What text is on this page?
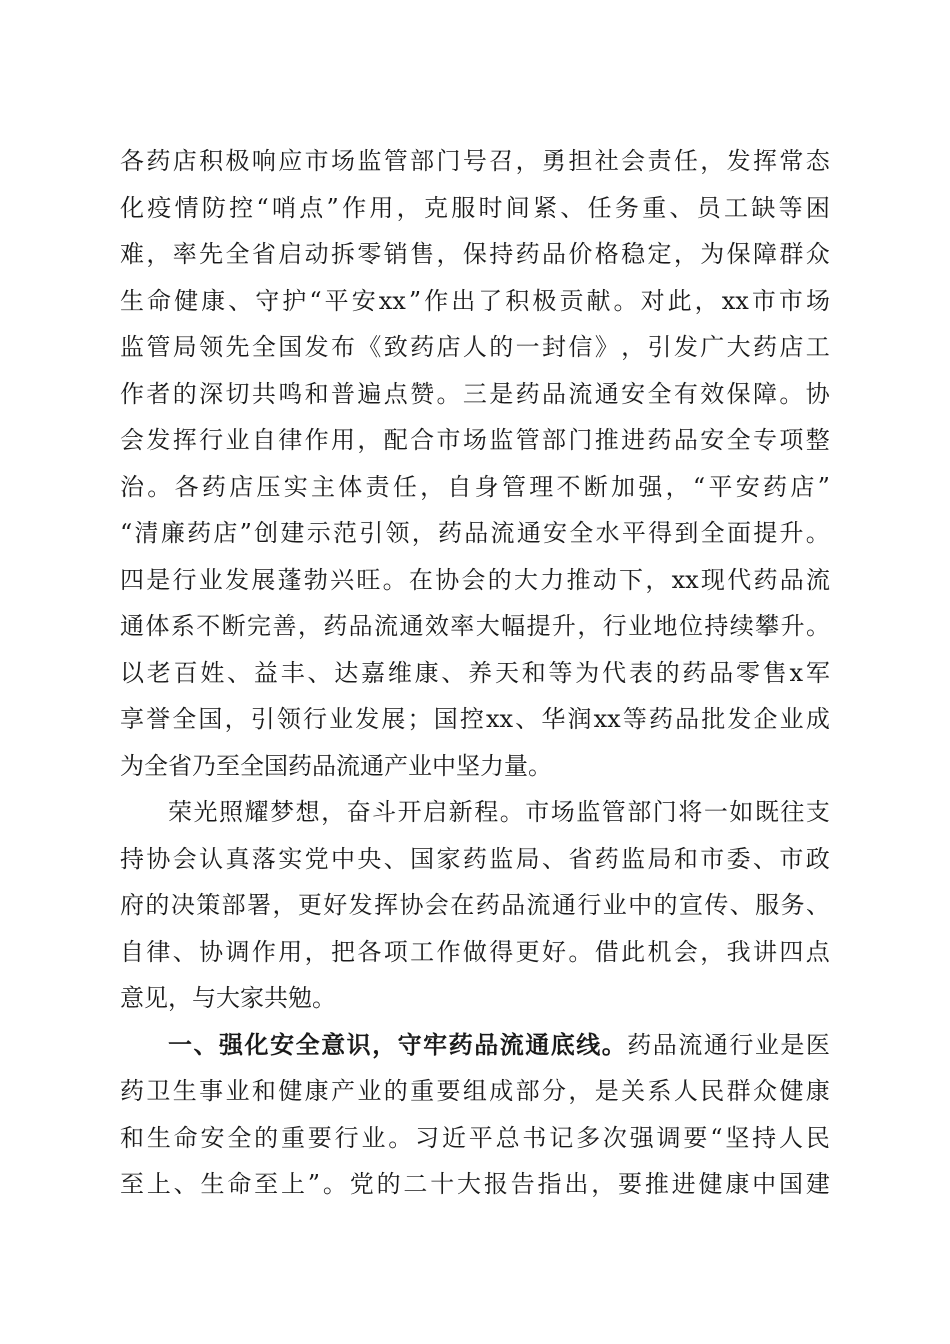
各 药 店 积 极 响 应 市 场 监 管 部 门 号 召 ， 勇 担 社 会 责 任 ， 发 挥 常 态
化 疫 情 防 控 “ 哨 点 ” 作 用 ， 克 服 时 间 紧 、 任 务 重 、 员 工 缺 等 困
难 ， 率 先 全 省 启 动 拆 零 销 售 ， 保 持 药 品 价 格 稳 定 ， 为 保 障 群 众
生 命 健 康 、 守 护 “ 平 安 xx ” 作 出 了 积 极 贡 献 。 对 此 ， xx 市 市 场
监 管 局 领 先 全 国 发 布 《 致 药 店 人 的 一 封 信 》 ， 引 发 广 大 药 店 工
作 者 的 深 切 共 鸣 和 普 遍 点 赞 。 三 是 药 品 流 通 安 全 有 效 保 障 。 协
会 发 挥 行 业 自 律 作 用 ， 配 合 市 场 监 管 部 门 推 进 药 品 安 全 专 项 整
治 。 各 药 店 压 实 主 体 责 任 ， 自 身 管 理 不 断 加 强 ， “ 平 安 药 店 ”
“ 清 廉 药 店 ” 创 建 示 范 引 领 ， 药 品 流 通 安 全 水 平 得 到 全 面 提 升 。
四 是 行 业 发 展 蓬 勃 兴 旺 。 在 协 会 的 大 力 推 动 下 ， xx 现 代 药 品 流
通 体 系 不 断 完 善 ， 药 品 流 通 效 率 大 幅 提 升 ， 行 业 地 位 持 续 攀 升 。
以 老 百 姓 、 益 丰 、 达 嘉 维 康 、 养 天 和 等 为 代 表 的 药 品 零 售 x 军
享 誉 全 国 ， 引 领 行 业 发 展 ； 国 控 xx 、 华 润 xx 等 药 品 批 发 企 业 成
为 全 省 乃 至 全 国 药 品 流 通 产 业 中 坚 力 量 。
荣 光 照 耀 梦 想 ， 奋 斗 开 启 新 程 。 市 场 监 管 部 门 将 一 如 既 往 支
持 协 会 认 真 落 实 党 中 央 、 国 家 药 监 局 、 省 药 监 局 和 市 委 、 市 政
府 的 决 策 部 署 ， 更 好 发 挥 协 会 在 药 品 流 通 行 业 中 的 宣 传 、 服 务 、
自 律 、 协 调 作 用 ， 把 各 项 工 作 做 得 更 好 。 借 此 机 会 ， 我 讲 四 点
意 见 ， 与 大 家 共 勉 。
一 、 强 化 安 全 意 识 ， 守 牢 药 品 流 通 底 线 。 药 品 流 通 行 业 是 医
药 卫 生 事 业 和 健 康 产 业 的 重 要 组 成 部 分 ， 是 关 系 人 民 群 众 健 康
和 生 命 安 全 的 重 要 行 业 。 习 近 平 总 书 记 多 次 强 调 要 “ 坚 持 人 民
至 上 、 生 命 至 上 ” 。 党 的 二 十 大 报 告 指 出 ， 要 推 进 健 康 中 国 建
